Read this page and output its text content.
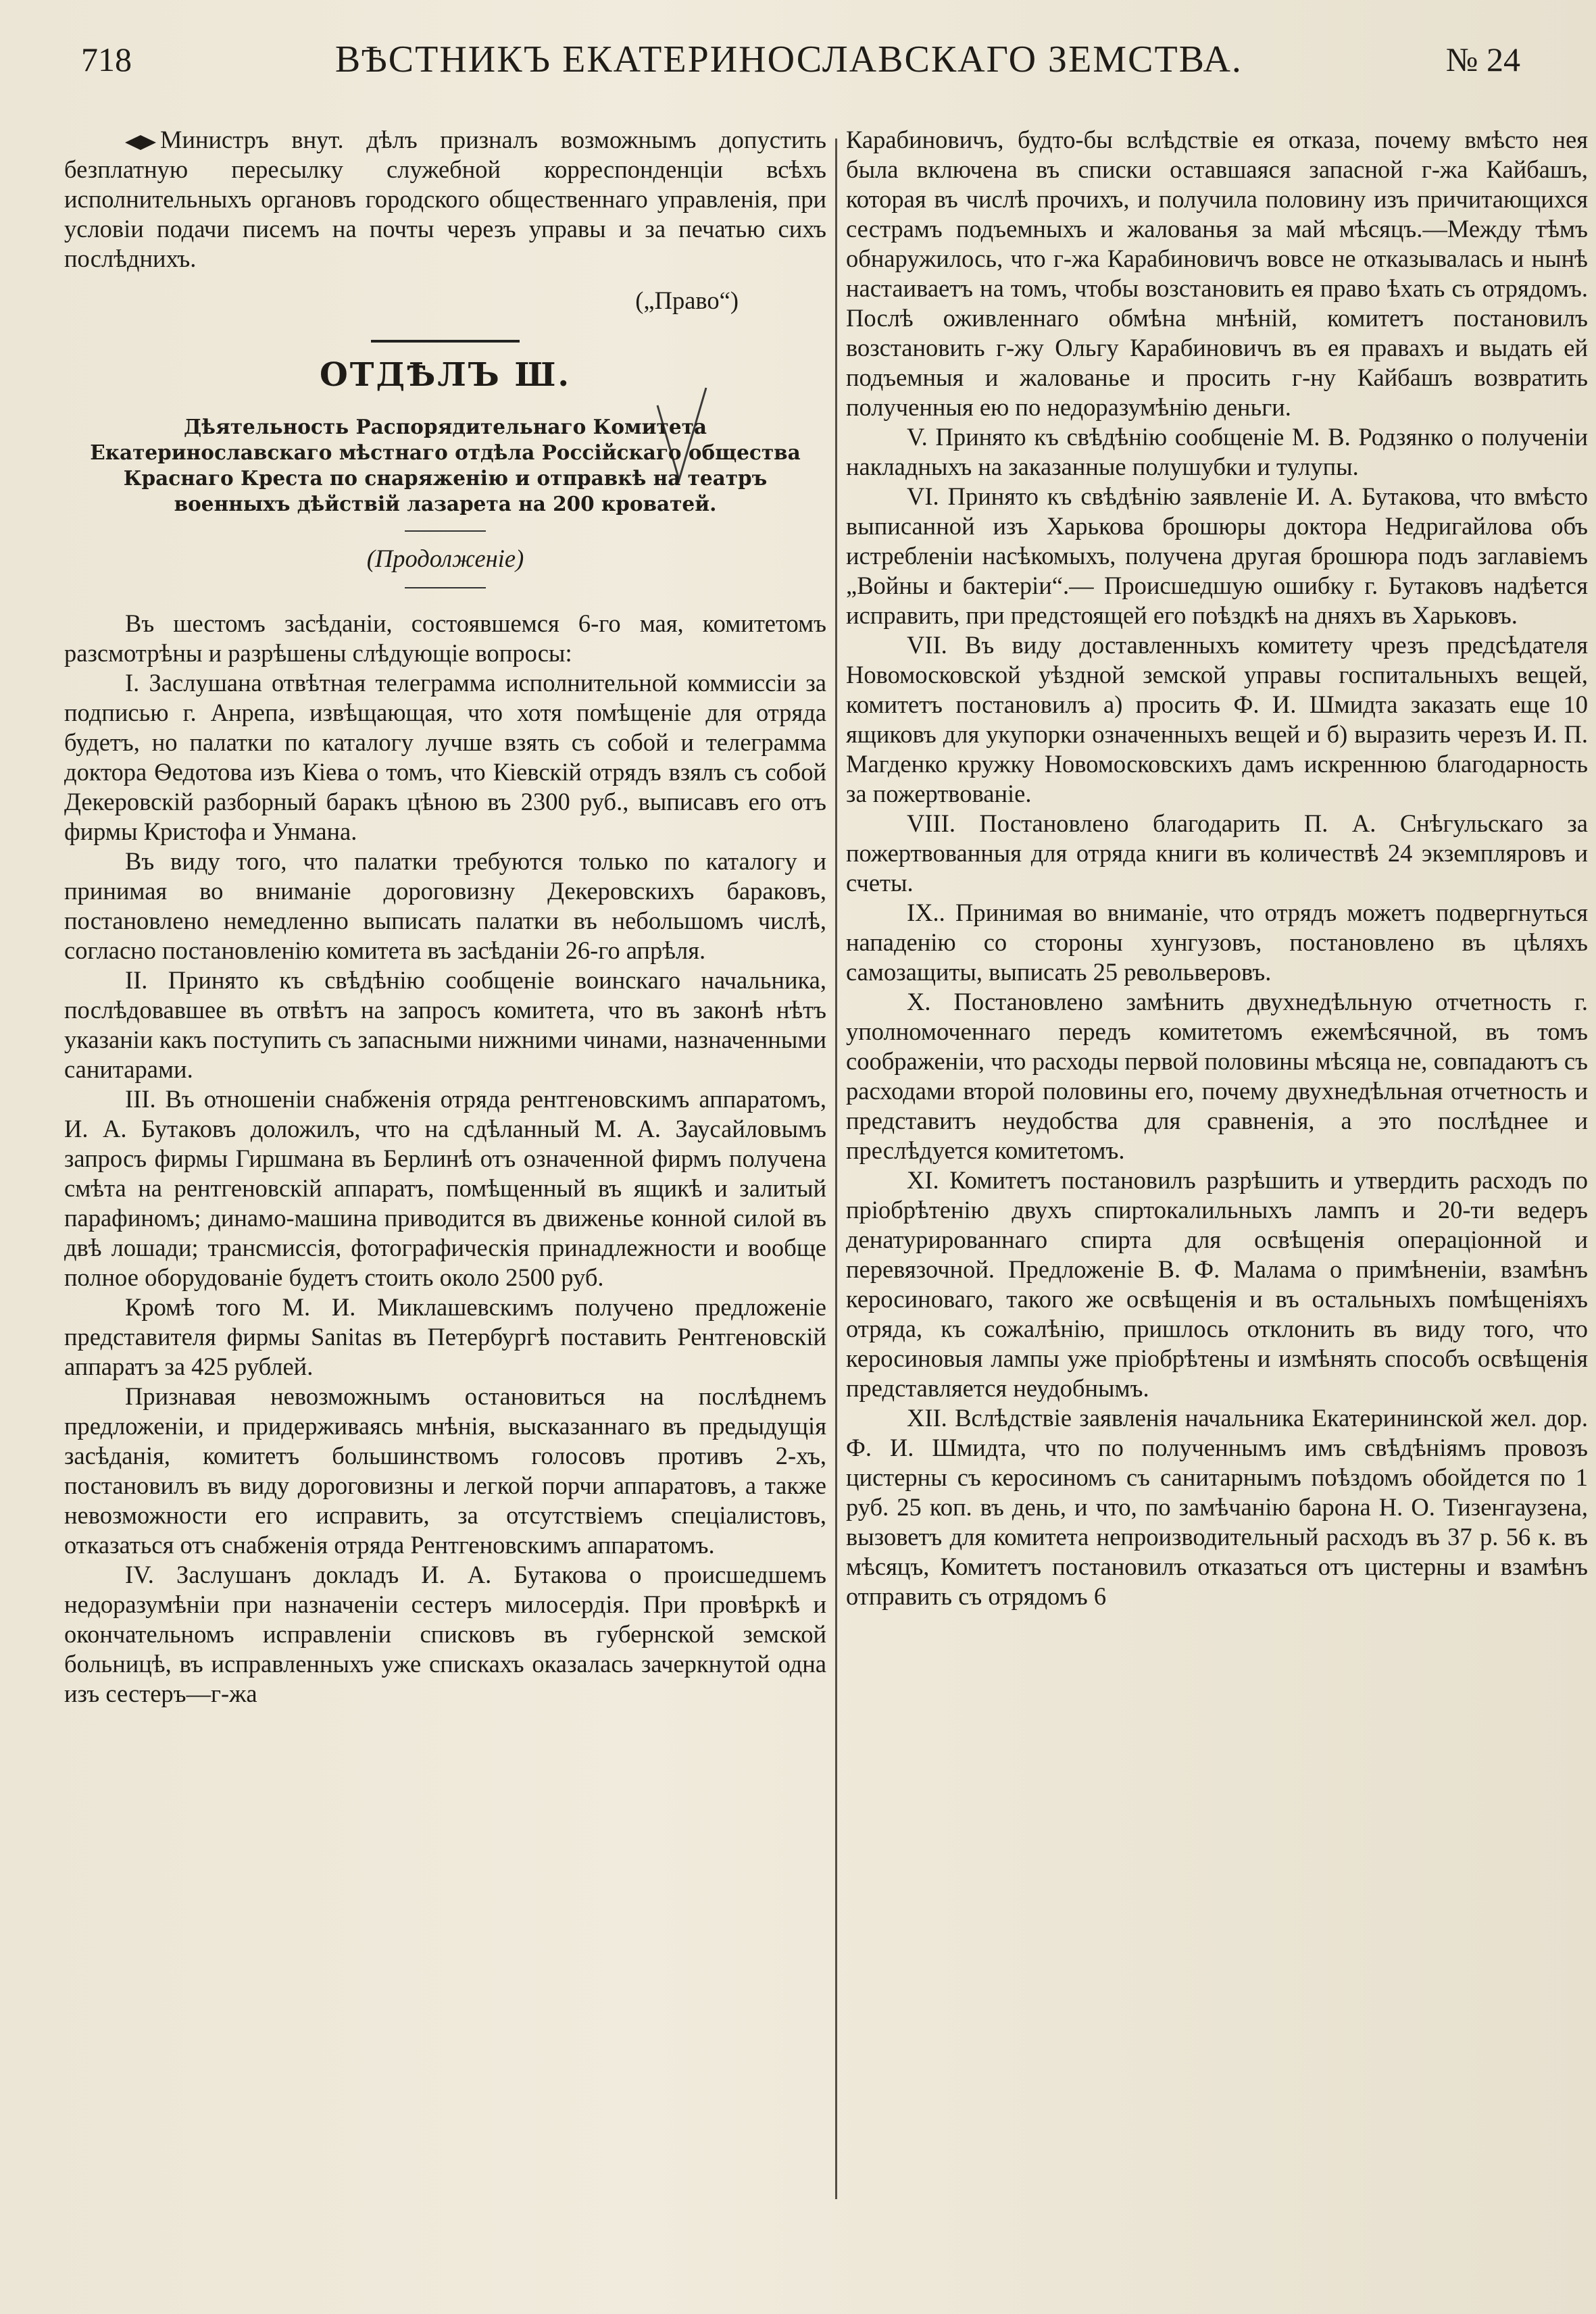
718	ВѢСТНИКЪ ЕКАТЕРИНОСЛАВСКАГО ЗЕМСТВА.	№ 24

Министръ внут. дѣлъ призналъ возможнымъ допустить безплатную пересылку служебной корреспонденціи всѣхъ исполнительныхъ органовъ городского общественнаго управленія, при условіи подачи писемъ на почты черезъ управы и за печатью сихъ послѣднихъ.

(„Право“)

ОТДѢЛЪ Ш.

Дѣятельность Распорядительнаго Комитета Екатеринославскаго мѣстнаго отдѣла Россійскаго общества Краснаго Креста по снаряженію и отправкѣ на театръ военныхъ дѣйствій лазарета на 200 кроватей.

(Продолженіе)

Въ шестомъ засѣданіи, состоявшемся 6-го мая, комитетомъ разсмотрѣны и разрѣшены слѣдующіе вопросы:

I. Заслушана отвѣтная телеграмма исполнительной коммиссіи за подписью г. Анрепа, извѣщающая, что хотя помѣщеніе для отряда будетъ, но палатки по каталогу лучше взять съ собой и телеграмма доктора Ѳедотова изъ Кіева о томъ, что Кіевскій отрядъ взялъ съ собой Декеровскій разборный баракъ цѣною въ 2300 руб., выписавъ его отъ фирмы Кристофа и Унмана.

Въ виду того, что палатки требуются только по каталогу и принимая во вниманіе дороговизну Декеровскихъ бараковъ, постановлено немедленно выписать палатки въ небольшомъ числѣ, согласно постановленію комитета въ засѣданіи 26-го апрѣля.

II. Принято къ свѣдѣнію сообщеніе воинскаго начальника, послѣдовавшее въ отвѣтъ на запросъ комитета, что въ законѣ нѣтъ указаніи какъ поступить съ запасными нижними чинами, назначенными санитарами.

III. Въ отношеніи снабженія отряда рентгеновскимъ аппаратомъ, И. А. Бутаковъ доложилъ, что на сдѣланный М. А. Заусайловымъ запросъ фирмы Гиршмана въ Берлинѣ отъ означенной фирмъ получена смѣта на рентгеновскій аппаратъ, помѣщенный въ ящикѣ и залитый парафиномъ; динамо-машина приводится въ движенье конной силой въ двѣ лошади; трансмиссія, фотографическія принадлежности и вообще полное оборудованіе будетъ стоить около 2500 руб.

Кромѣ того М. И. Миклашевскимъ получено предложеніе представителя фирмы Sanitas въ Петербургѣ поставить Рентгеновскій аппаратъ за 425 рублей.

Признавая невозможнымъ остановиться на послѣднемъ предложеніи, и придерживаясь мнѣнія, высказаннаго въ предыдущія засѣданія, комитетъ большинствомъ голосовъ противъ 2-хъ, постановилъ въ виду дороговизны и легкой порчи аппаратовъ, а также невозможности его исправить, за отсутствіемъ спеціалистовъ, отказаться отъ снабженія отряда Рентгеновскимъ аппаратомъ.

IV. Заслушанъ докладъ И. А. Бутакова о происшедшемъ недоразумѣніи при назначеніи сестеръ милосердія. При провѣркѣ и окончательномъ исправленіи списковъ въ губернской земской больницѣ, въ исправленныхъ уже спискахъ оказалась зачеркнутой одна изъ сестеръ—г-жа

Карабиновичъ, будто-бы вслѣдствіе ея отказа, почему вмѣсто нея была включена въ списки оставшаяся запасной г-жа Кайбашъ, которая въ числѣ прочихъ, и получила половину изъ причитающихся сестрамъ подъемныхъ и жалованья за май мѣсяцъ.—Между тѣмъ обнаружилось, что г-жа Карабиновичъ вовсе не отказывалась и нынѣ настаиваетъ на томъ, чтобы возстановить ея право ѣхать съ отрядомъ. Послѣ оживленнаго обмѣна мнѣній, комитетъ постановилъ возстановить г-жу Ольгу Карабиновичъ въ ея правахъ и выдать ей подъемныя и жалованье и просить г-ну Кайбашъ возвратить полученныя ею по недоразумѣнію деньги.

V. Принято къ свѣдѣнію сообщеніе М. В. Родзянко о полученіи накладныхъ на заказанные полушубки и тулупы.

VI. Принято къ свѣдѣнію заявленіе И. А. Бутакова, что вмѣсто выписанной изъ Харькова брошюры доктора Недригайлова объ истребленіи насѣкомыхъ, получена другая брошюра подъ заглавіемъ „Войны и бактеріи“.— Происшедшую ошибку г. Бутаковъ надѣется исправить, при предстоящей его поѣздкѣ на дняхъ въ Харьковъ.

VII. Въ виду доставленныхъ комитету чрезъ предсѣдателя Новомосковской уѣздной земской управы госпитальныхъ вещей, комитетъ постановилъ а) просить Ф. И. Шмидта заказать еще 10 ящиковъ для укупорки означенныхъ вещей и б) выразить черезъ И. П. Магденко кружку Новомосковскихъ дамъ искреннюю благодарность за пожертвованіе.

VIII. Постановлено благодарить П. А. Снѣгульскаго за пожертвованныя для отряда книги въ количествѣ 24 экземпляровъ и счеты.

IX.. Принимая во вниманіе, что отрядъ можетъ подвергнуться нападенію со стороны хунгузовъ, постановлено въ цѣляхъ самозащиты, выписать 25 револьверовъ.

X. Постановлено замѣнить двухнедѣльную отчетность г. уполномоченнаго передъ комитетомъ ежемѣсячной, въ томъ соображеніи, что расходы первой половины мѣсяца не, совпадаютъ съ расходами второй половины его, почему двухнедѣльная отчетность и представитъ неудобства для сравненія, а это послѣднее и преслѣдуется комитетомъ.

XI. Комитетъ постановилъ разрѣшить и утвердить расходъ по пріобрѣтенію двухъ спиртокалильныхъ лампъ и 20-ти ведеръ денатурированнаго спирта для освѣщенія операціонной и перевязочной. Предложеніе В. Ф. Малама о примѣненіи, взамѣнъ керосиноваго, такого же освѣщенія и въ остальныхъ помѣщеніяхъ отряда, къ сожалѣнію, пришлось отклонить въ виду того, что керосиновыя лампы уже пріобрѣтены и измѣнять способъ освѣщенія представляется неудобнымъ.

XII. Вслѣдствіе заявленія начальника Екатерининской жел. дор. Ф. И. Шмидта, что по полученнымъ имъ свѣдѣніямъ провозъ цистерны съ керосиномъ съ санитарнымъ поѣздомъ обойдется по 1 руб. 25 коп. въ день, и что, по замѣчанію барона Н. О. Тизенгаузена, вызоветъ для комитета непроизводительный расходъ въ 37 р. 56 к. въ мѣсяцъ, Комитетъ постановилъ отказаться отъ цистерны и взамѣнъ отправить съ отрядомъ 6
